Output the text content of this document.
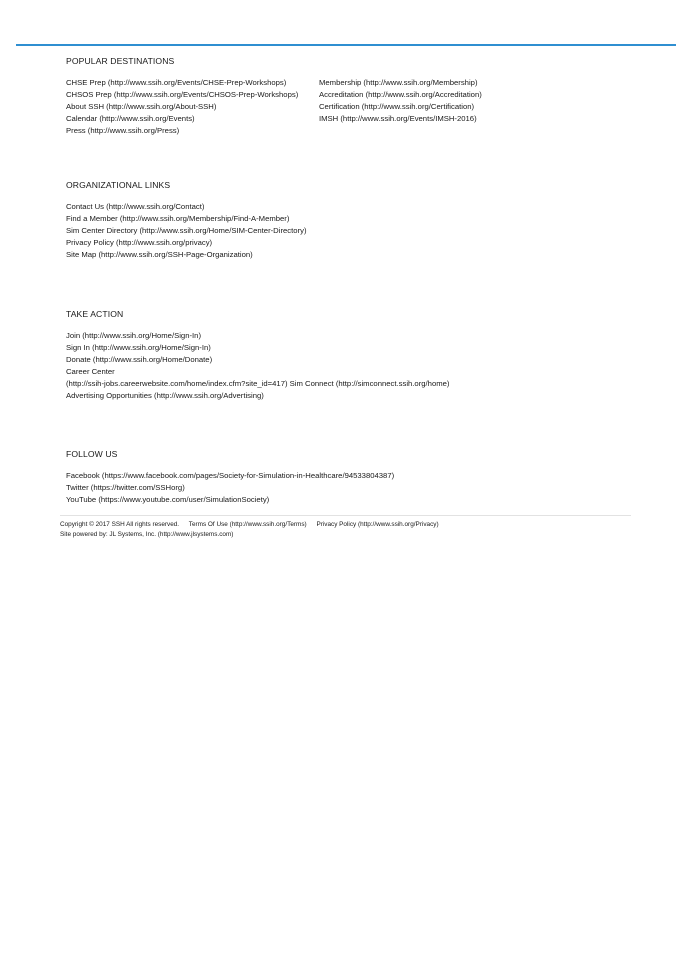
POPULAR DESTINATIONS
CHSE Prep (http://www.ssih.org/Events/CHSE-Prep-Workshops)
CHSOS Prep (http://www.ssih.org/Events/CHSOS-Prep-Workshops)
About SSH (http://www.ssih.org/About-SSH)
Calendar (http://www.ssih.org/Events)
Press (http://www.ssih.org/Press)
Membership (http://www.ssih.org/Membership)
Accreditation (http://www.ssih.org/Accreditation)
Certification (http://www.ssih.org/Certification)
IMSH (http://www.ssih.org/Events/IMSH-2016)
ORGANIZATIONAL LINKS
Contact Us (http://www.ssih.org/Contact)
Find a Member (http://www.ssih.org/Membership/Find-A-Member)
Sim Center Directory (http://www.ssih.org/Home/SIM-Center-Directory)
Privacy Policy (http://www.ssih.org/privacy)
Site Map (http://www.ssih.org/SSH-Page-Organization)
TAKE ACTION
Join (http://www.ssih.org/Home/Sign-In)
Sign In (http://www.ssih.org/Home/Sign-In)
Donate (http://www.ssih.org/Home/Donate)
Career Center
(http://ssih-jobs.careerwebsite.com/home/index.cfm?site_id=417) Sim Connect (http://simconnect.ssih.org/home)
Advertising Opportunities (http://www.ssih.org/Advertising)
FOLLOW US
Facebook (https://www.facebook.com/pages/Society-for-Simulation-in-Healthcare/94533804387)
Twitter (https://twitter.com/SSHorg)
YouTube (https://www.youtube.com/user/SimulationSociety)
Copyright © 2017 SSH All rights reserved. Terms Of Use (http://www.ssih.org/Terms) Privacy Policy (http://www.ssih.org/Privacy)
Site powered by: JL Systems, Inc. (http://www.jlsystems.com)
